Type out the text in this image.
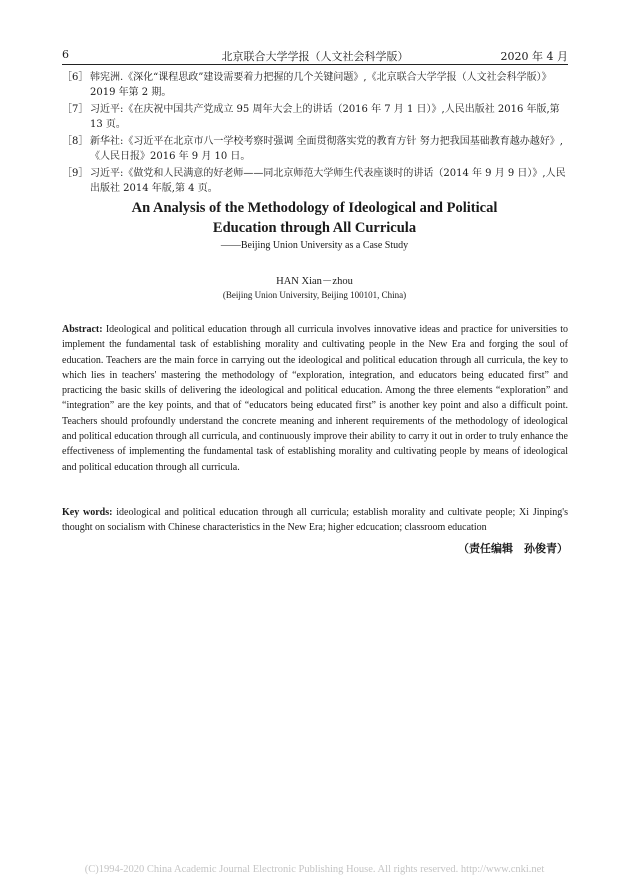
6	北京联合大学学报（人文社会科学版）	2020 年 4 月
［6］ 韩宪洲.《深化“课程思政”建设需要着力把握的几个关键问题》,《北京联合大学学报（人文社会科学版）》2019 年第 2 期。
［7］ 习近平:《在庆祝中国共产党成立 95 周年大会上的讲话（2016 年 7 月 1 日）》,人民出版社 2016 年版,第 13 页。
［8］ 新华社:《习近平在北京市八一学校考察时强调 全面贯彻落实党的教育方针 努力把我国基础教育越办越好》,《人民日报》2016 年 9 月 10 日。
［9］ 习近平:《做党和人民满意的好老师——同北京师范大学师生代表座谈时的讲话（2014 年 9 月 9 日）》,人民出版社 2014 年版,第 4 页。
An Analysis of the Methodology of Ideological and Political
Education through All Curricula
——Beijing Union University as a Case Study
HAN Xian－zhou
(Beijing Union University, Beijing 100101, China)
Abstract: Ideological and political education through all curricula involves innovative ideas and practice for universities to implement the fundamental task of establishing morality and cultivating people in the New Era and forging the soul of education. Teachers are the main force in carrying out the ideological and political education through all curricula, the key to which lies in teachers' mastering the methodology of “exploration, integration, and educators being educated first” and practicing the basic skills of delivering the ideological and political education. Among the three elements “exploration” and “integration” are the key points, and that of “educators being educated first” is another key point and also a difficult point. Teachers should profoundly understand the concrete meaning and inherent requirements of the methodology of ideological and political education through all curricula, and continuously improve their ability to carry it out in order to truly enhance the effectiveness of implementing the fundamental task of establishing morality and cultivating people by means of ideological and political education through all curricula.
Key words: ideological and political education through all curricula; establish morality and cultivate people; Xi Jinping's thought on socialism with Chinese characteristics in the New Era; higher edcucation; classroom education
（责任编辑　孙俊青）
(C)1994-2020 China Academic Journal Electronic Publishing House. All rights reserved. http://www.cnki.net
